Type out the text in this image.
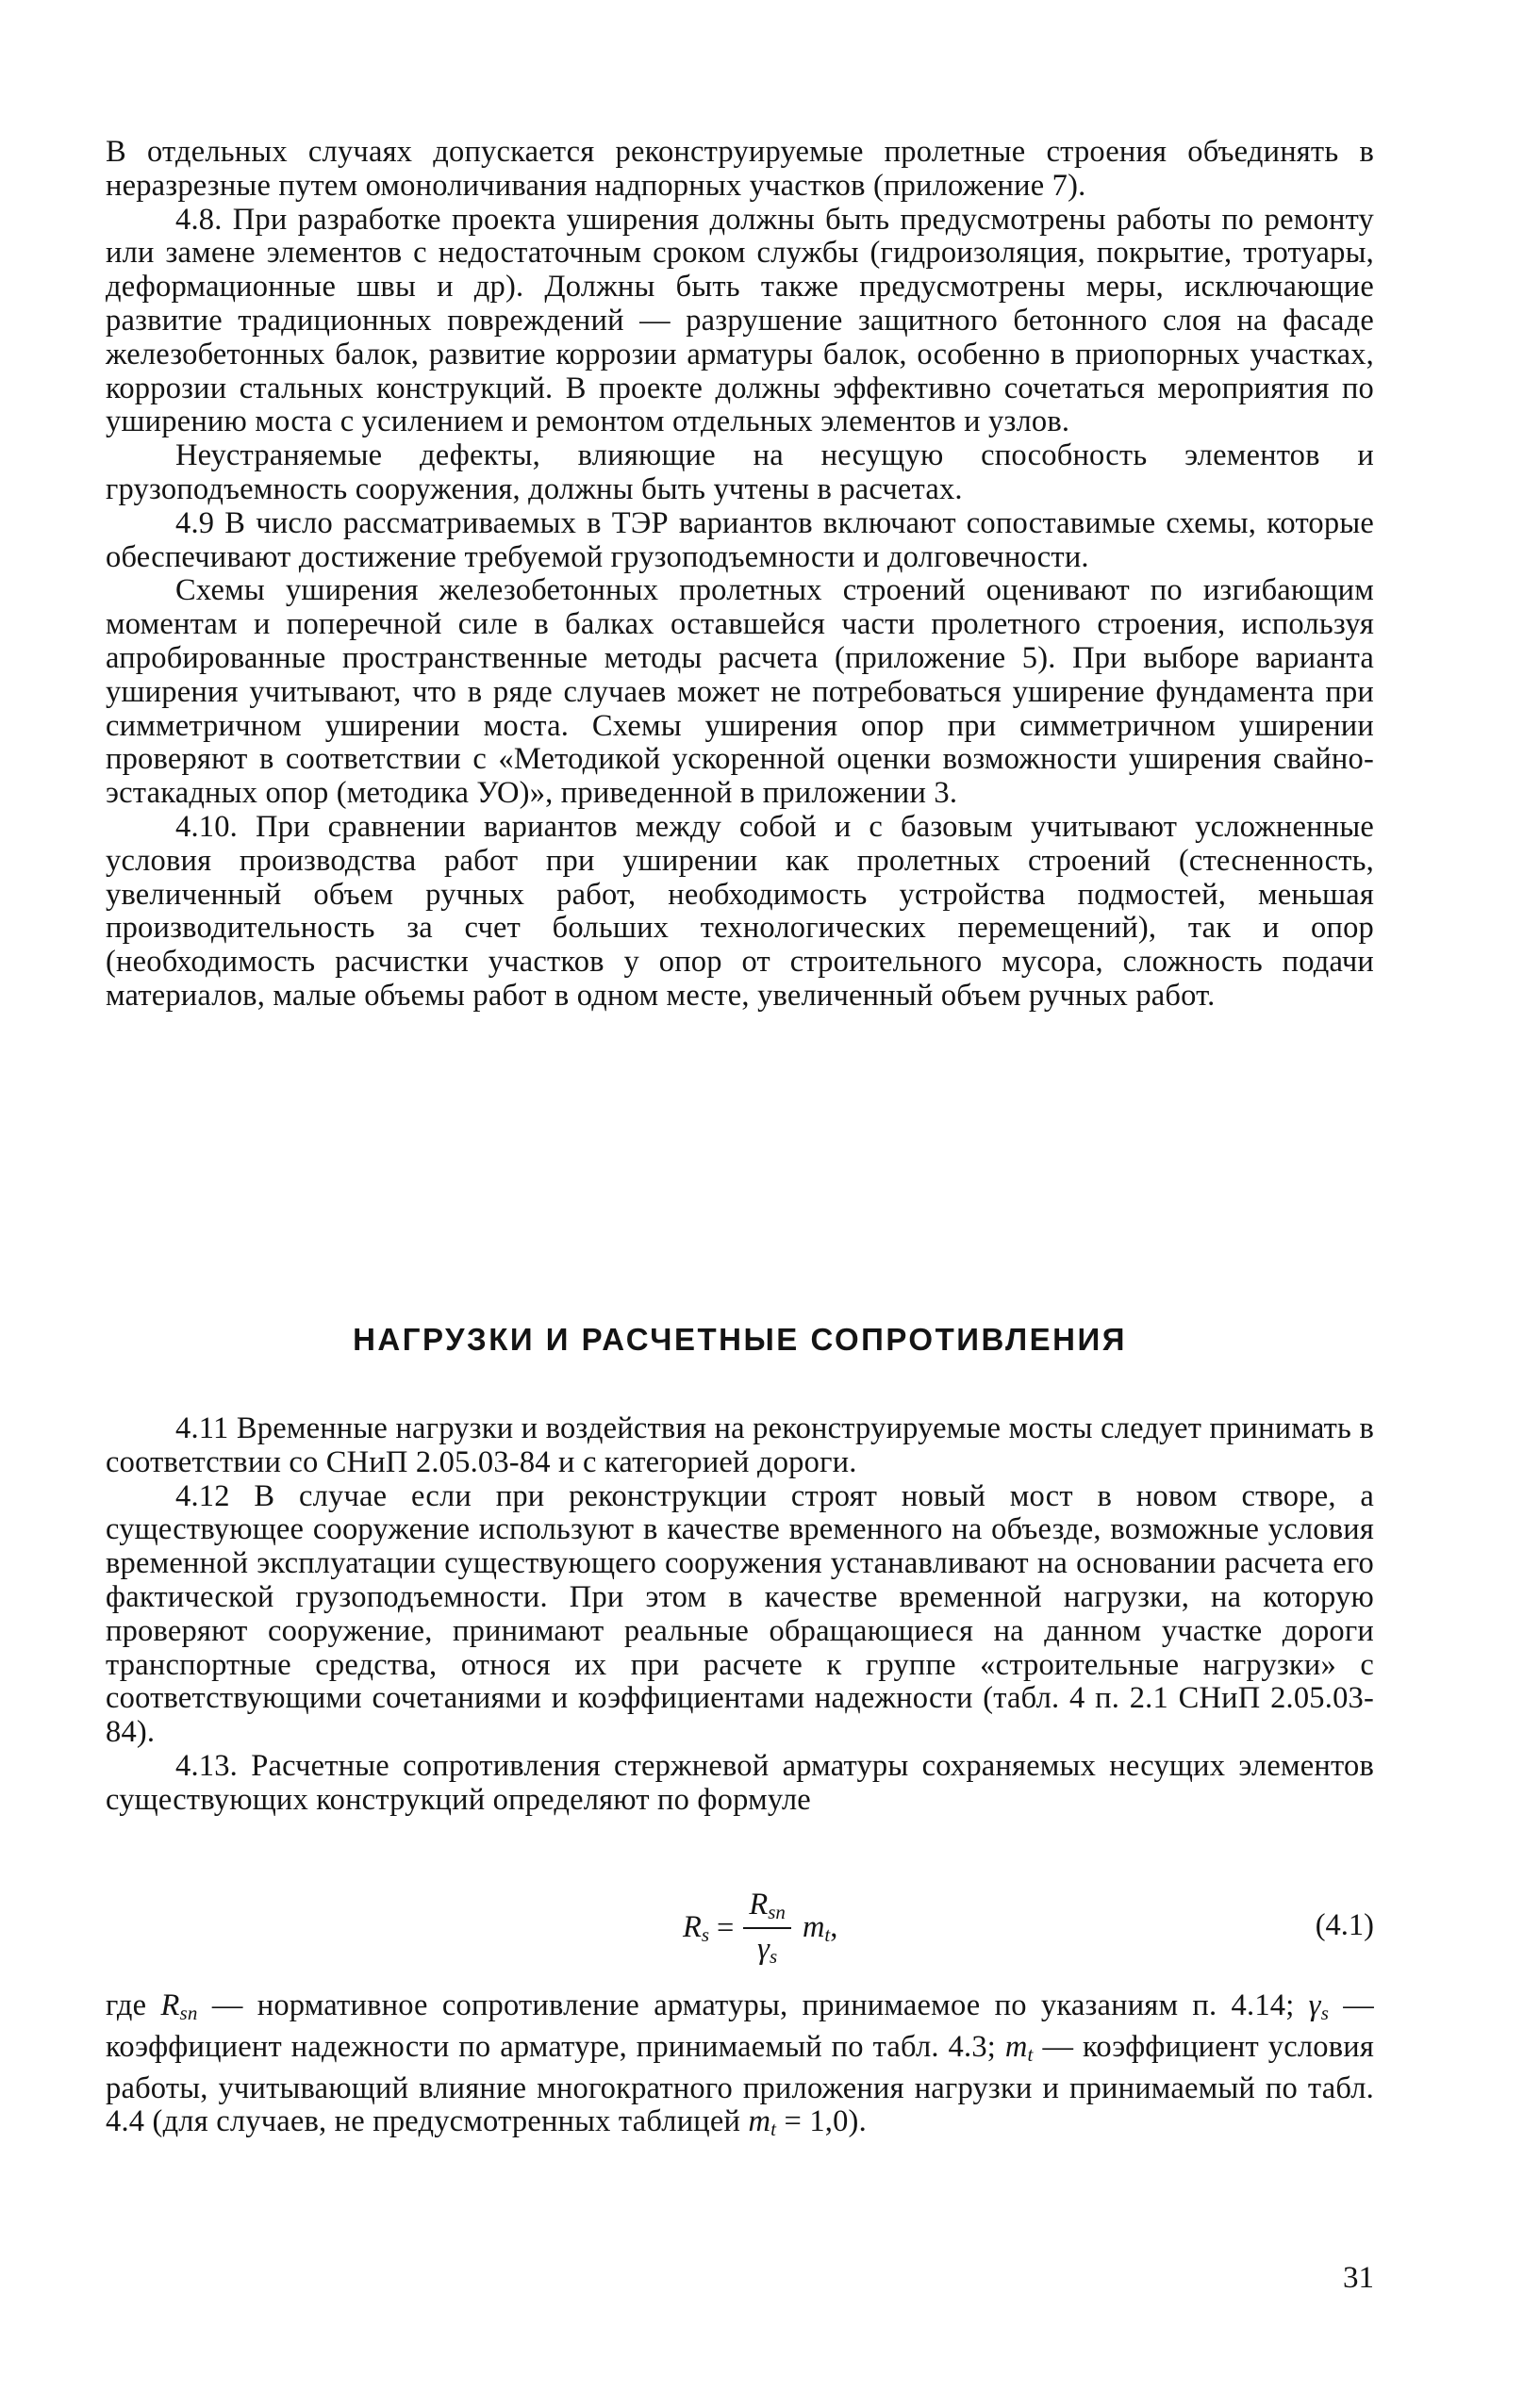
В отдельных случаях допускается реконструируемые пролетные строения объединять в неразрезные путем омоноличивания надпорных участков (приложение 7).

4.8. При разработке проекта уширения должны быть предусмотрены работы по ремонту или замене элементов с недостаточным сроком службы (гидроизоляция, покрытие, тротуары, деформационные швы и др). Должны быть также предусмотрены меры, исключающие развитие традиционных повреждений — разрушение защитного бетонного слоя на фасаде железобетонных балок, развитие коррозии арматуры балок, особенно в приопорных участках, коррозии стальных конструкций. В проекте должны эффективно сочетаться мероприятия по уширению моста с усилением и ремонтом отдельных элементов и узлов.

Неустраняемые дефекты, влияющие на несущую способность элементов и грузоподъемность сооружения, должны быть учтены в расчетах.

4.9 В число рассматриваемых в ТЭР вариантов включают сопоставимые схемы, которые обеспечивают достижение требуемой грузоподъемности и долговечности.

Схемы уширения железобетонных пролетных строений оценивают по изгибающим моментам и поперечной силе в балках оставшейся части пролетного строения, используя апробированные пространственные методы расчета (приложение 5). При выборе варианта уширения учитывают, что в ряде случаев может не потребоваться уширение фундамента при симметричном уширении моста. Схемы уширения опор при симметричном уширении проверяют в соответствии с «Методикой ускоренной оценки возможности уширения свайно-эстакадных опор (методика УО)», приведенной в приложении 3.

4.10. При сравнении вариантов между собой и с базовым учитывают усложненные условия производства работ при уширении как пролетных строений (стесненность, увеличенный объем ручных работ, необходимость устройства подмостей, меньшая производительность за счет больших технологических перемещений), так и опор (необходимость расчистки участков у опор от строительного мусора, сложность подачи материалов, малые объемы работ в одном месте, увеличенный объем ручных работ.

НАГРУЗКИ И РАСЧЕТНЫЕ СОПРОТИВЛЕНИЯ

4.11 Временные нагрузки и воздействия на реконструируемые мосты следует принимать в соответствии со СНиП 2.05.03-84 и с категорией дороги.

4.12 В случае если при реконструкции строят новый мост в новом створе, а существующее сооружение используют в качестве временного на объезде, возможные условия временной эксплуатации существующего сооружения устанавливают на основании расчета его фактической грузоподъемности. При этом в качестве временной нагрузки, на которую проверяют сооружение, принимают реальные обращающиеся на данном участке дороги транспортные средства, относя их при расчете к группе «строительные нагрузки» с соответствующими сочетаниями и коэффициентами надежности (табл. 4 п. 2.1 СНиП 2.05.03-84).

4.13. Расчетные сопротивления стержневой арматуры сохраняемых несущих элементов существующих конструкций определяют по формуле

$R_s = \frac{R_{sn}}{\gamma_s} m_t$,	(4.1)

где $R_{sn}$ — нормативное сопротивление арматуры, принимаемое по указаниям п. 4.14; $\gamma_s$ — коэффициент надежности по арматуре, принимаемый по табл. 4.3; $m_t$ — коэффициент условия работы, учитывающий влияние многократного приложения нагрузки и принимаемый по табл. 4.4 (для случаев, не предусмотренных таблицей $m_t = 1,0$).

31
